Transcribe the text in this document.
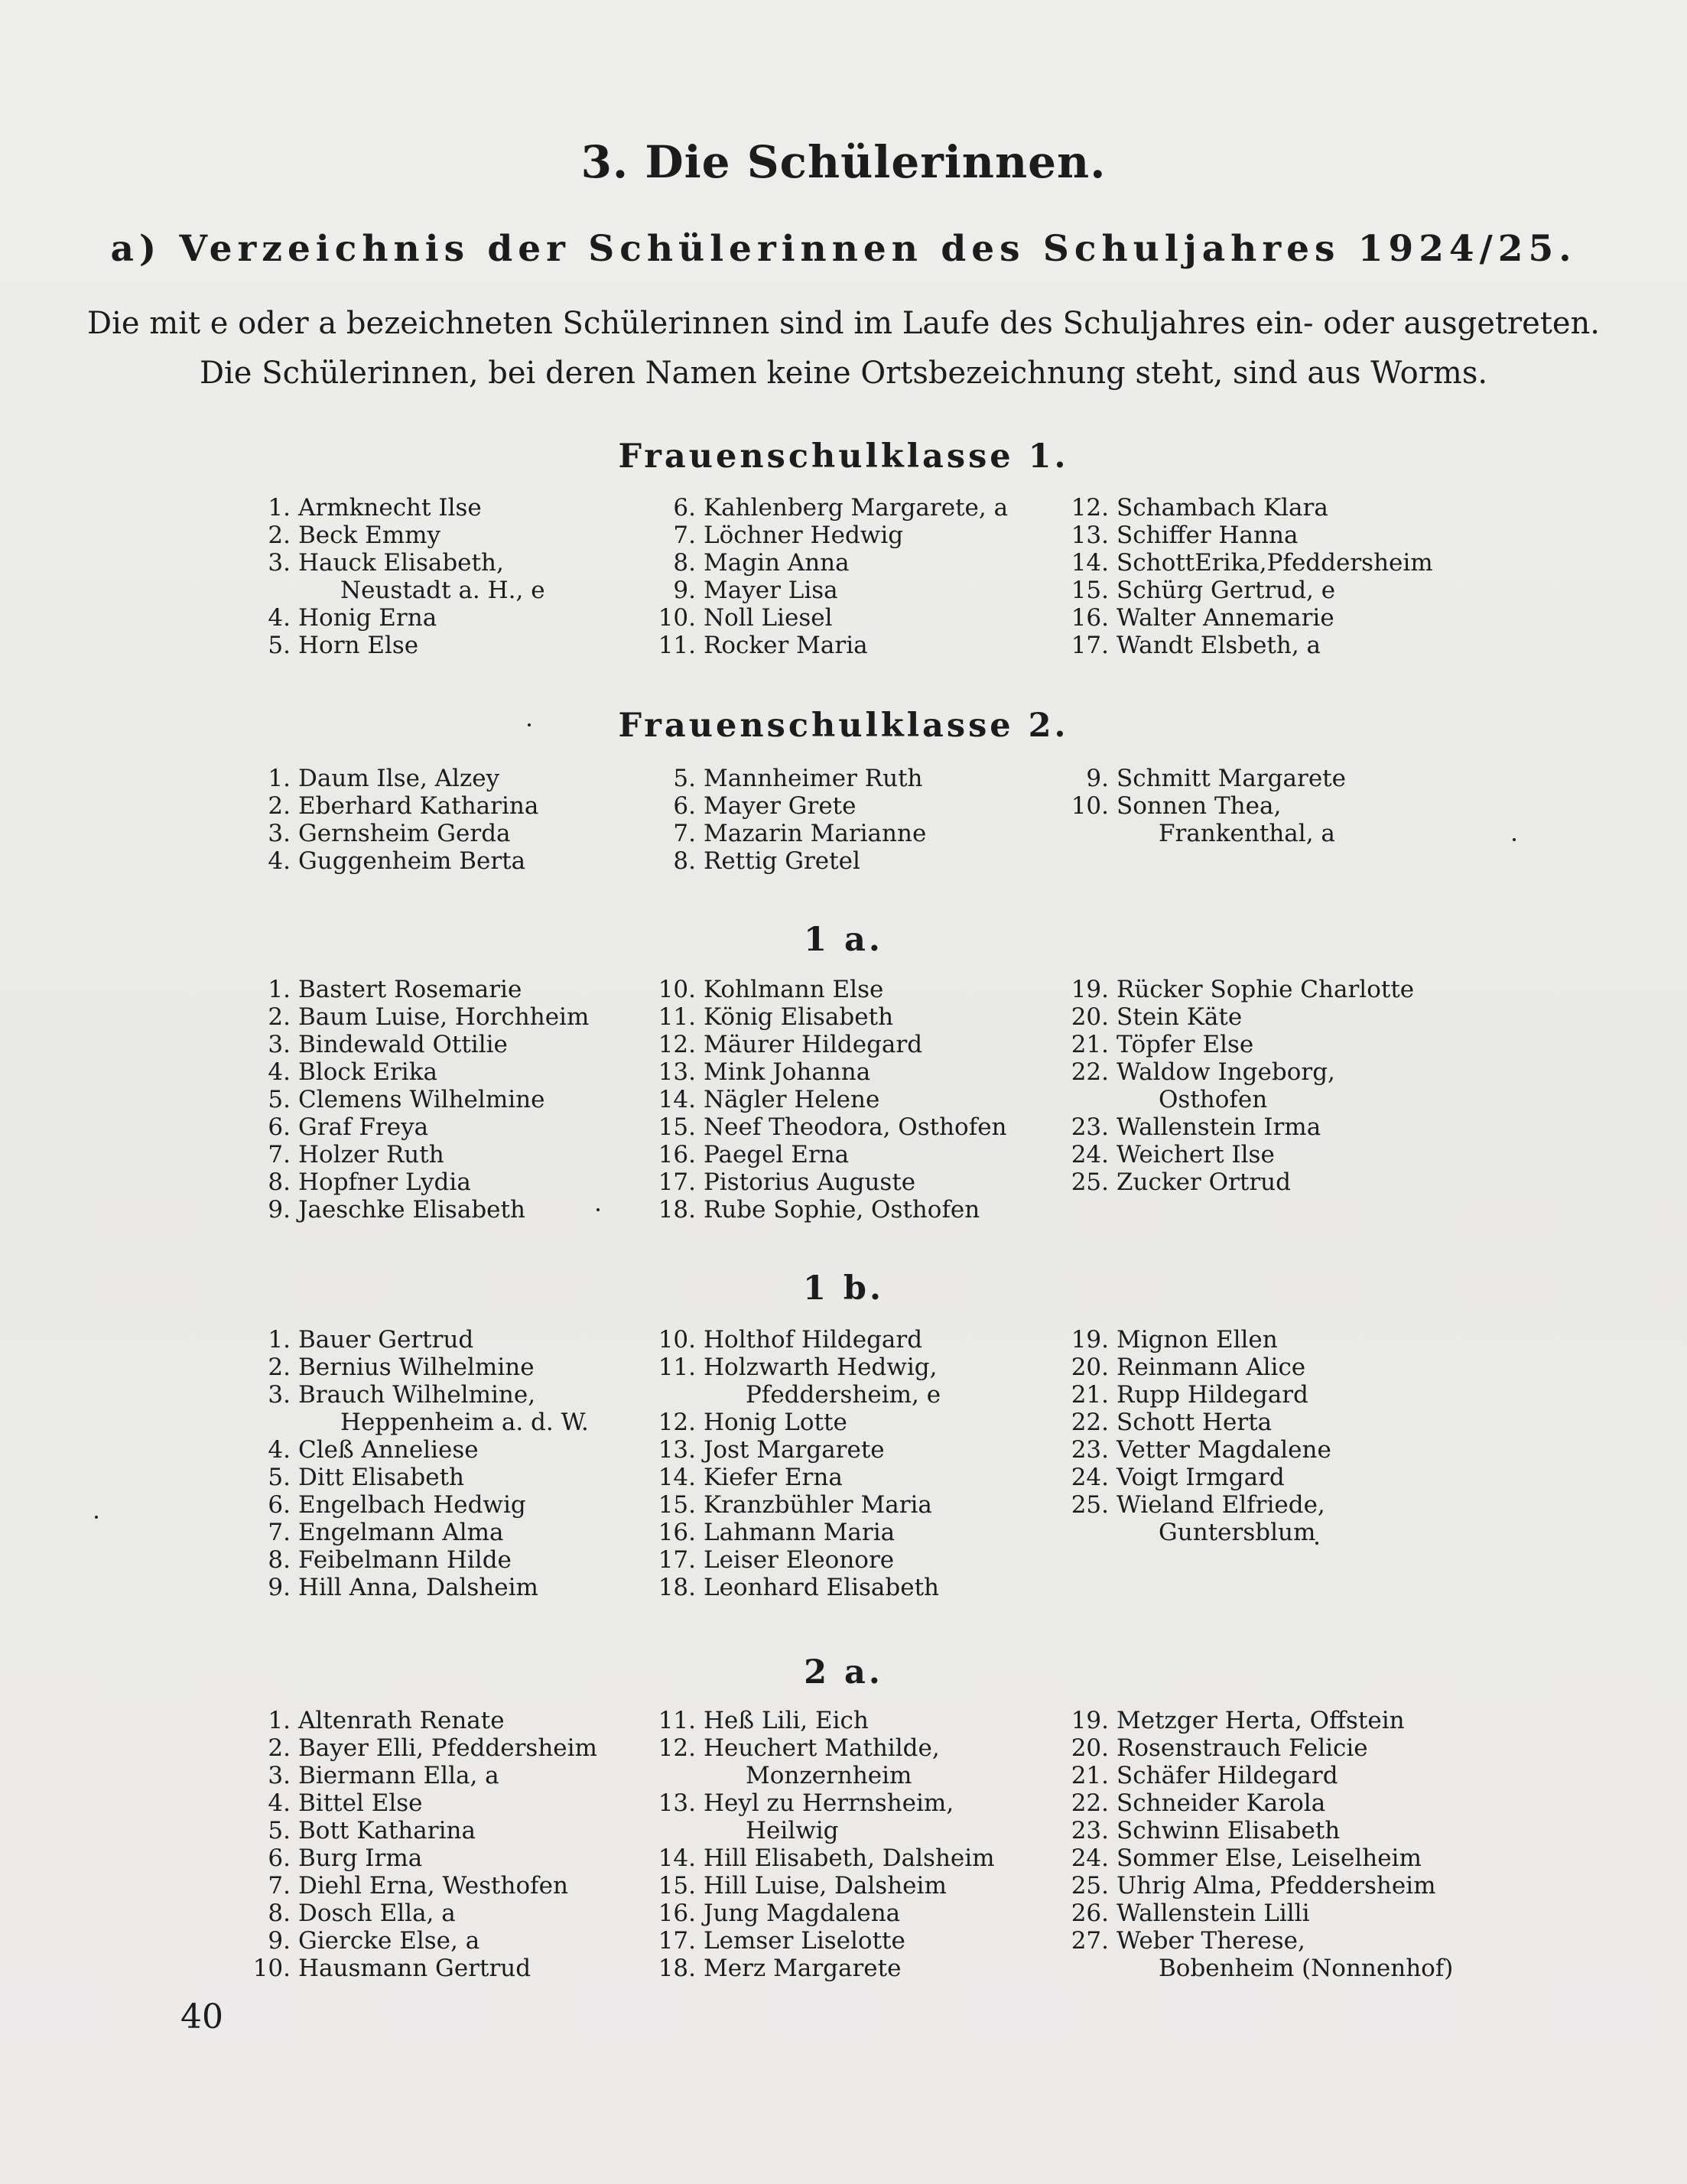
3. Die Schülerinnen.
a) Verzeichnis der Schülerinnen des Schuljahres 1924/25.

Die mit e oder a bezeichneten Schülerinnen sind im Laufe des Schuljahres ein- oder ausgetreten.

Die Schülerinnen, bei deren Namen keine Ortsbezeichnung steht, sind aus Worms.

Frauenschulklasse 1.
1. Armknecht Ilse
2. Beck Emmy
3. Hauck Elisabeth,
Neustadt a. H., e
4. Honig Erna
5. Horn Else
6. Kahlenberg Margarete, a
7. Löchner Hedwig
8. Magin Anna
9. Mayer Lisa
10. Noll Liesel
11. Rocker Maria
12. Schambach Klara
13. Schiffer Hanna
14. SchottErika,Pfeddersheim
15. Schürg Gertrud, e
16. Walter Annemarie
17. Wandt Elsbeth, a
Frauenschulklasse 2.
1. Daum Ilse, Alzey
2. Eberhard Katharina
3. Gernsheim Gerda
4. Guggenheim Berta
5. Mannheimer Ruth
6. Mayer Grete
7. Mazarin Marianne
8. Rettig Gretel
9. Schmitt Margarete
10. Sonnen Thea,
Frankenthal, a
1 a.
1. Bastert Rosemarie
2. Baum Luise, Horchheim
3. Bindewald Ottilie
4. Block Erika
5. Clemens Wilhelmine
6. Graf Freya
7. Holzer Ruth
8. Hopfner Lydia
9. Jaeschke Elisabeth
10. Kohlmann Else
11. König Elisabeth
12. Mäurer Hildegard
13. Mink Johanna
14. Nägler Helene
15. Neef Theodora, Osthofen
16. Paegel Erna
17. Pistorius Auguste
18. Rube Sophie, Osthofen
19. Rücker Sophie Charlotte
20. Stein Käte
21. Töpfer Else
22. Waldow Ingeborg,
Osthofen
23. Wallenstein Irma
24. Weichert Ilse
25. Zucker Ortrud
1 b.
1. Bauer Gertrud
2. Bernius Wilhelmine
3. Brauch Wilhelmine,
Heppenheim a. d. W.
4. Cleß Anneliese
5. Ditt Elisabeth
6. Engelbach Hedwig
7. Engelmann Alma
8. Feibelmann Hilde
9. Hill Anna, Dalsheim
10. Holthof Hildegard
11. Holzwarth Hedwig,
Pfeddersheim, e
12. Honig Lotte
13. Jost Margarete
14. Kiefer Erna
15. Kranzbühler Maria
16. Lahmann Maria
17. Leiser Eleonore
18. Leonhard Elisabeth
19. Mignon Ellen
20. Reinmann Alice
21. Rupp Hildegard
22. Schott Herta
23. Vetter Magdalene
24. Voigt Irmgard
25. Wieland Elfriede,
Guntersblum
2 a.
1. Altenrath Renate
2. Bayer Elli, Pfeddersheim
3. Biermann Ella, a
4. Bittel Else
5. Bott Katharina
6. Burg Irma
7. Diehl Erna, Westhofen
8. Dosch Ella, a
9. Giercke Else, a
10. Hausmann Gertrud
11. Heß Lili, Eich
12. Heuchert Mathilde,
Monzernheim
13. Heyl zu Herrnsheim,
Heilwig
14. Hill Elisabeth, Dalsheim
15. Hill Luise, Dalsheim
16. Jung Magdalena
17. Lemser Liselotte
18. Merz Margarete
19. Metzger Herta, Offstein
20. Rosenstrauch Felicie
21. Schäfer Hildegard
22. Schneider Karola
23. Schwinn Elisabeth
24. Sommer Else, Leiselheim
25. Uhrig Alma, Pfeddersheim
26. Wallenstein Lilli
27. Weber Therese,
Bobenheim (Nonnenhof)
40
